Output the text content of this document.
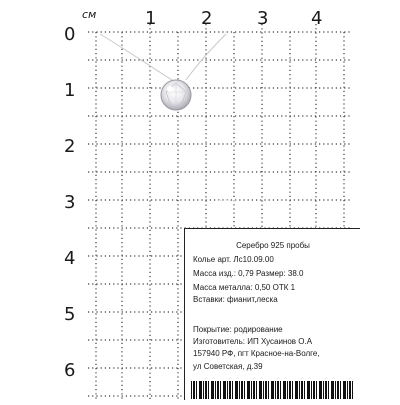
см	1 2 3 4
0
1
2
3
4
5
6
~~~
Серебро 925 пробы
Колье арт. Лс10.09.00
Масса изд.: 0,79 Размер: 38.0
Масса металла: 0,50 ОТК 1
Вставки: фианит,леска
Покрытие: родирование
Изготовитель: ИП Хусаинов О.А
157940 РФ, пгт Красное-на-Волге,
ул Советская, д.39
